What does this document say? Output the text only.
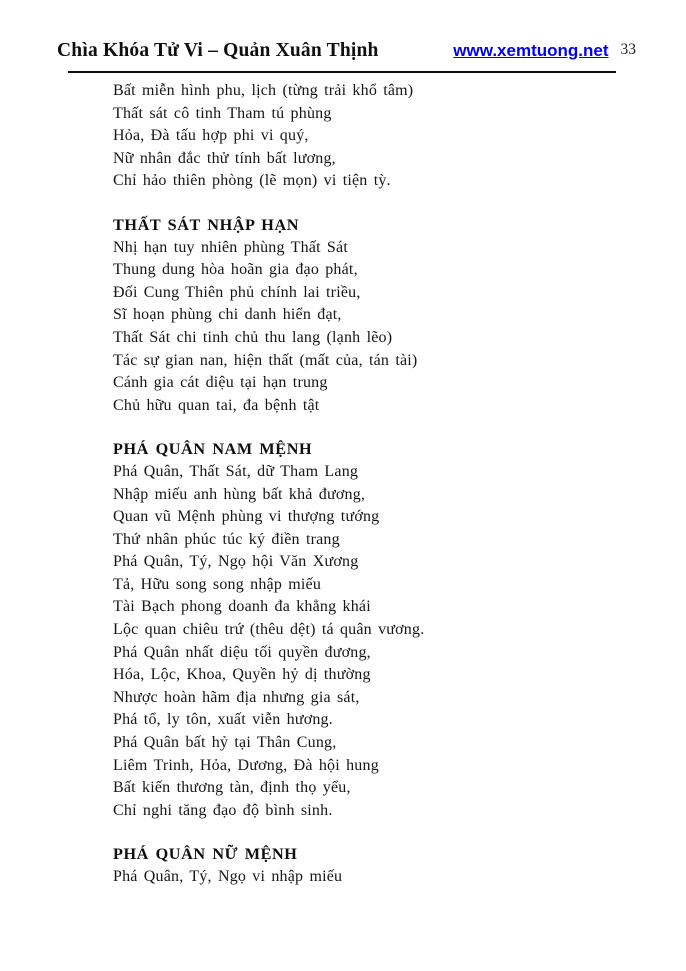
Chìa Khóa Tử Vi – Quản Xuân Thịnh	www.xemtuong.net 33

Bất miễn hình phu, lịch (từng trải khổ tâm)

Thất sát cô tinh Tham tú phùng

Hỏa, Đà tấu hợp phi vi quý,

Nữ nhân đắc thử tính bất lương,

Chỉ hảo thiên phòng (lẽ mọn) vi tiện tỳ.

THẤT SÁT NHẬP HẠN

Nhị hạn tuy nhiên phùng Thất Sát

Thung dung hòa hoãn gia đạo phát,

Đối Cung Thiên phủ chính lai triều,

Sĩ hoạn phùng chi danh hiển đạt,

Thất Sát chi tinh chủ thu lang (lạnh lẽo)

Tác sự gian nan, hiện thất (mất của, tán tài)

Cánh gia cát diệu tại hạn trung

Chủ hữu quan tai, đa bệnh tật

PHÁ QUÂN NAM MỆNH

Phá Quân, Thất Sát, dữ Tham Lang

Nhập miếu anh hùng bất khả đương,

Quan vũ Mệnh phùng vi thượng tướng

Thứ nhân phúc túc ký điền trang

Phá Quân, Tý, Ngọ hội Văn Xương

Tả, Hữu song song nhập miếu

Tài Bạch phong doanh đa khẳng khái

Lộc quan chiêu trứ (thêu dệt) tá quân vương.

Phá Quân nhất diệu tối quyền đương,

Hóa, Lộc, Khoa, Quyền hỷ dị thường

Nhược hoàn hãm địa nhưng gia sát,

Phá tổ, ly tôn, xuất viễn hương.

Phá Quân bất hỷ tại Thân Cung,

Liêm Trinh, Hỏa, Dương, Đà hội hung

Bất kiến thương tàn, định thọ yểu,

Chỉ nghi tăng đạo độ bình sinh.

PHÁ QUÂN NỮ MỆNH

Phá Quân, Tý, Ngọ vi nhập miếu
